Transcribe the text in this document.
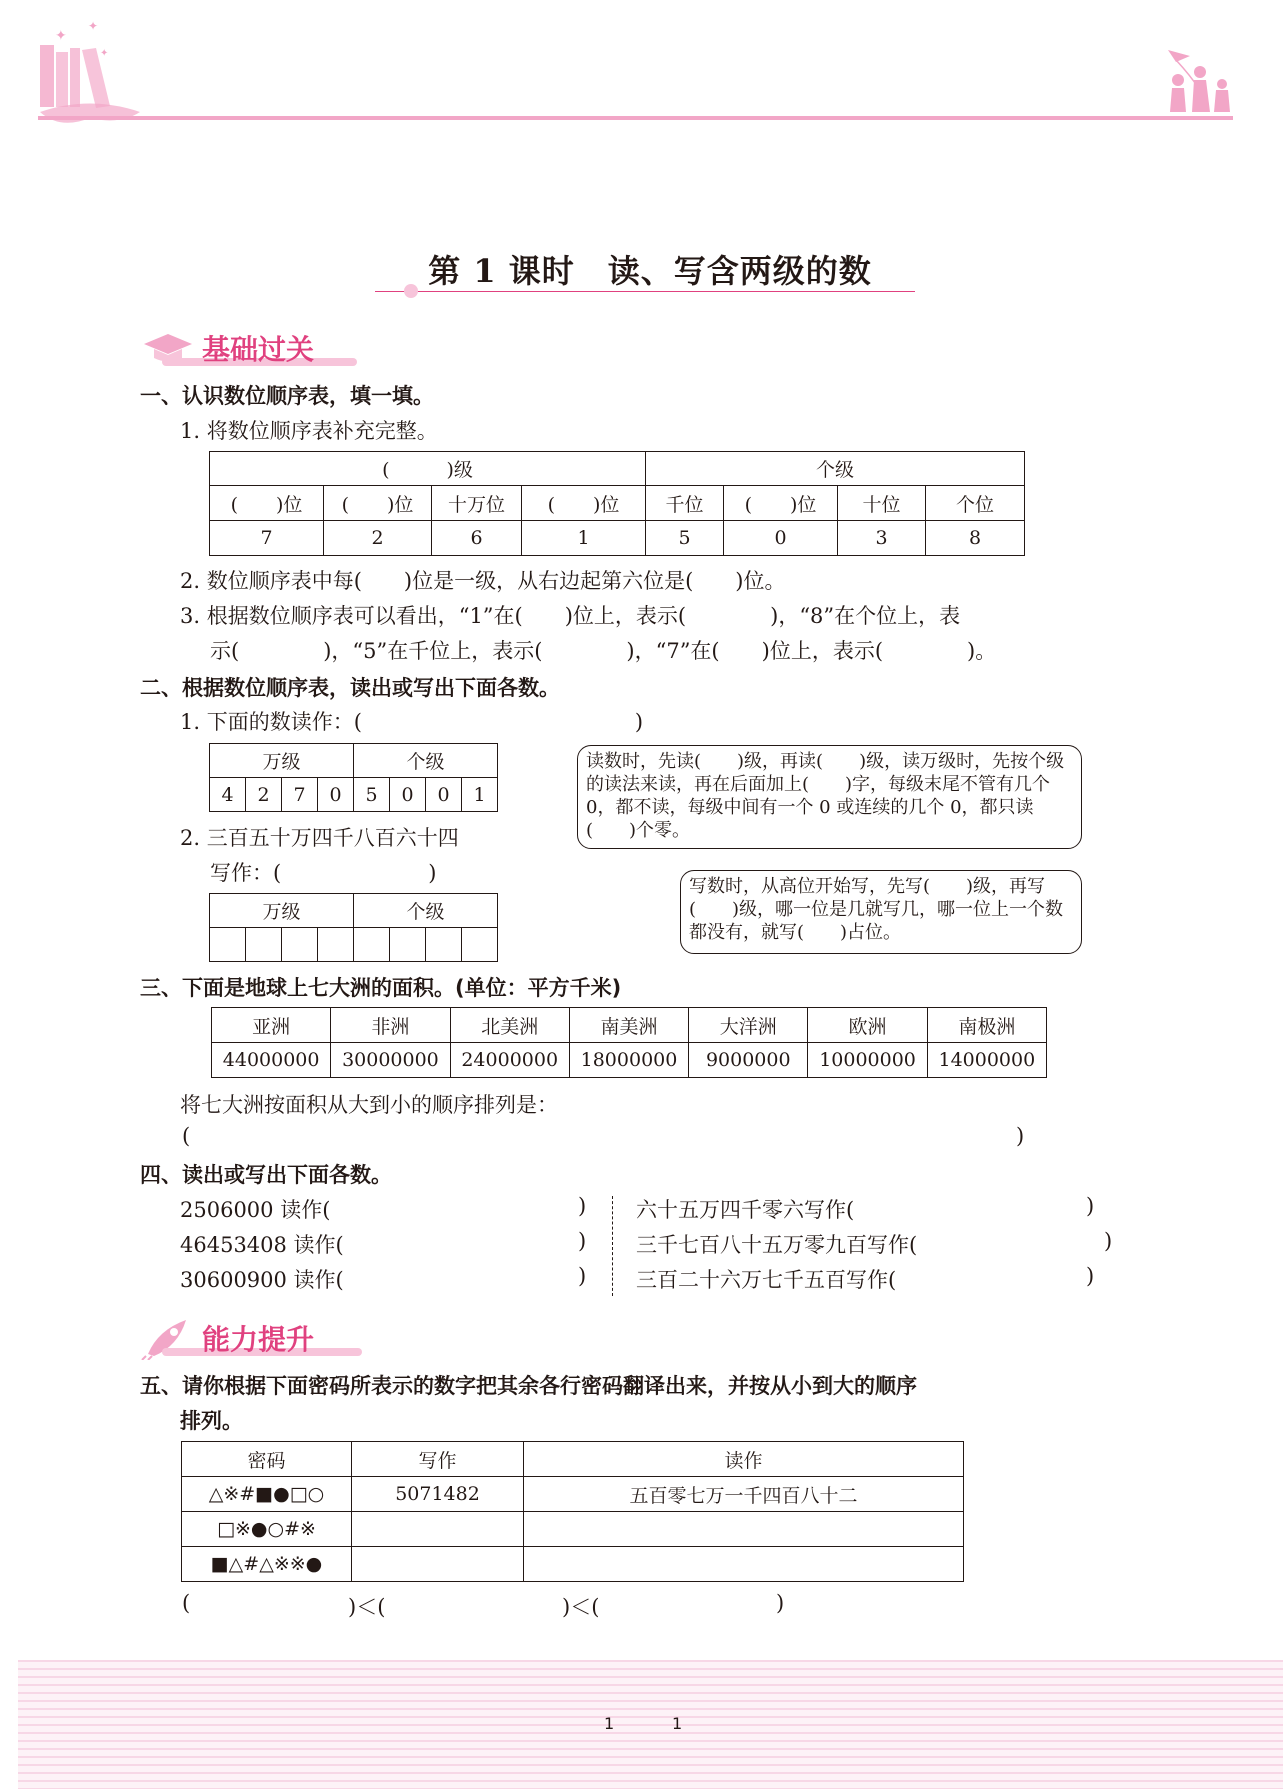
✦
✦
✦
第 1 课时　读、写含两级的数
基础过关
一、认识数位顺序表，填一填。
1. 将数位顺序表补充完整。
(　　　)级				个级			
(　　)位	(　　)位	十万位	(　　)位	千位	(　　)位	十位	个位
7	2	6	1	5	0	3	8
2. 数位顺序表中每(　　)位是一级，从右边起第六位是(　　)位。
3. 根据数位顺序表可以看出，“1”在(　　)位上，表示(　　　　)，“8”在个位上，表
示(　　　　)，“5”在千位上，表示(　　　　)，“7”在(　　)位上，表示(　　　　)。
二、根据数位顺序表，读出或写出下面各数。
1. 下面的数读作：(　　　　　　　　　　　　　)
万级				个级			
4	2	7	0	5	0	0	1
读数时，先读(　　)级，再读(　　)级，读万级时，先按个级的读法来读，再在后面加上(　　)字，每级末尾不管有几个 0，都不读，每级中间有一个 0 或连续的几个 0，都只读(　　)个零。
2. 三百五十万四千八百六十四
写作：(　　　　　　　)
万级				个级			

写数时，从高位开始写，先写(　　)级，再写(　　)级，哪一位是几就写几，哪一位上一个数都没有，就写(　　)占位。
三、下面是地球上七大洲的面积。(单位：平方千米)
亚洲	非洲	北美洲	南美洲	大洋洲	欧洲	南极洲
44000000	30000000	24000000	18000000	9000000	10000000	14000000
将七大洲按面积从大到小的顺序排列是：
(	)
四、读出或写出下面各数。
2506000 读作(
46453408 读作(
30600900 读作(
)
)
)
六十五万四千零六写作(
三千七百八十五万零九百写作(
三百二十六万七千五百写作(
)
)
)
能力提升
五、请你根据下面密码所表示的数字把其余各行密码翻译出来，并按从小到大的顺序
排列。
密码	写作	读作
△※#■●□○	5071482	五百零七万一千四百八十二
□※●○#※		
■△#△※※●		
(	)＜(	)＜(	)
1	1
